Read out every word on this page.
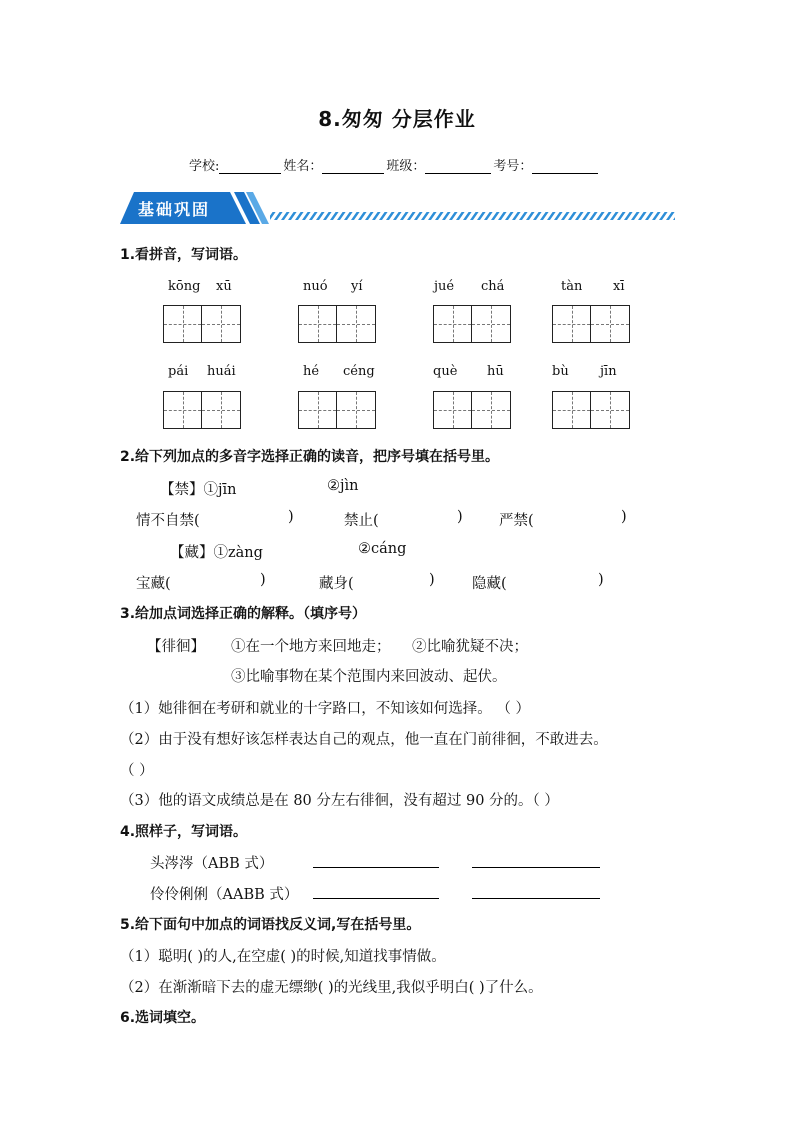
8.匆匆 分层作业
学校:	姓名：	班级：	考号：
基础巩固
1.看拼音，写词语。
kōng xū	nuó yí	jué chá	tàn xī
pái huái	hé céng	què hū	bù jīn
2.给下列加点的多音字选择正确的读音，把序号填在括号里。
【禁】①jīn	②jìn
情不自禁(	)	禁止(	)	严禁(	)
【藏】①zàng	②cáng
宝藏(	)	藏身(	)	隐藏(	)
3.给加点词选择正确的解释。（填序号）
【徘徊】 ①在一个地方来回地走； ②比喻犹疑不决；
③比喻事物在某个范围内来回波动、起伏。
（1）她徘徊在考研和就业的十字路口，不知该如何选择。 （ ）
（2）由于没有想好该怎样表达自己的观点，他一直在门前徘徊，不敢进去。
（ ）
（3）他的语文成绩总是在 80 分左右徘徊，没有超过 90 分的。（ ）
4.照样子，写词语。
头涔涔（ABB 式）
伶伶俐俐（AABB 式）
5.给下面句中加点的词语找反义词,写在括号里。
（1）聪明( )的人,在空虚( )的时候,知道找事情做。
（2）在渐渐暗下去的虚无缥缈( )的光线里,我似乎明白( )了什么。
6.选词填空。
